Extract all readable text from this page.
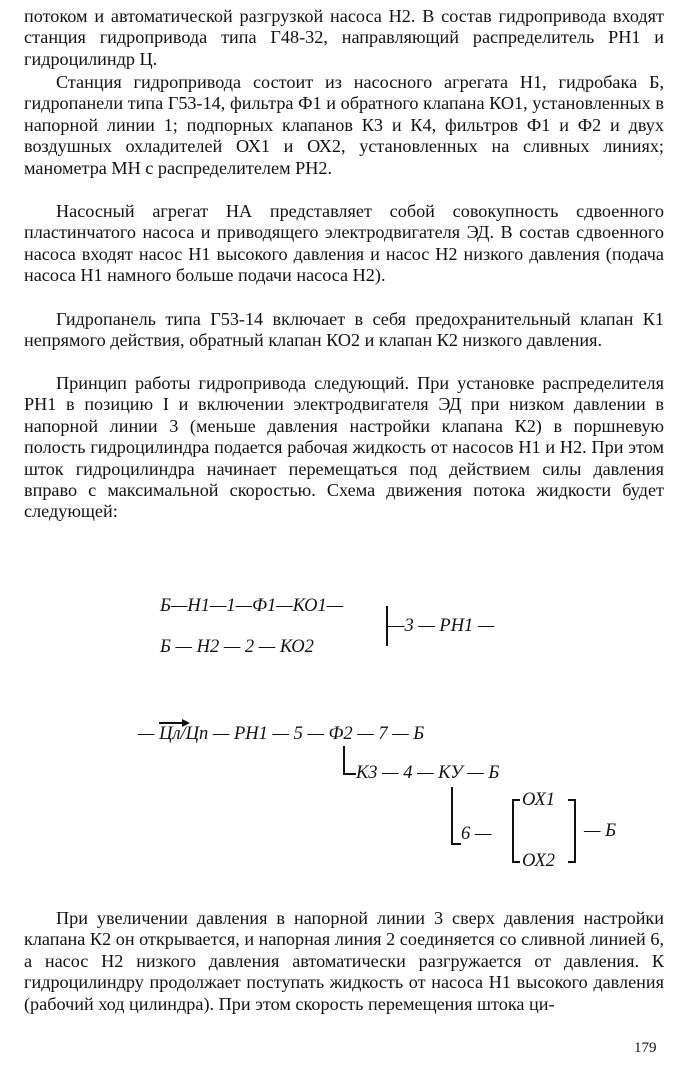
потоком и автоматической разгрузкой насоса Н2. В состав гидропривода входят станция гидропривода типа Г48-32, направляющий распределитель РН1 и гидроцилиндр Ц.

Станция гидропривода состоит из насосного агрегата Н1, гидробака Б, гидропанели типа Г53-14, фильтра Ф1 и обратного клапана КО1, установленных в напорной линии 1; подпорных клапанов К3 и К4, фильтров Ф1 и Ф2 и двух воздушных охладителей ОХ1 и ОХ2, установленных на сливных линиях; манометра МН с распределителем РН2.

Насосный агрегат НА представляет собой совокупность сдвоенного пластинчатого насоса и приводящего электродвигателя ЭД. В состав сдвоенного насоса входят насос Н1 высокого давления и насос Н2 низкого давления (подача насоса Н1 намного больше подачи насоса Н2).

Гидропанель типа Г53-14 включает в себя предохранительный клапан К1 непрямого действия, обратный клапан КО2 и клапан К2 низкого давления.

Принцип работы гидропривода следующий. При установке распределителя РН1 в позицию I и включении электродвигателя ЭД при низком давлении в напорной линии 3 (меньше давления настройки клапана К2) в поршневую полость гидроцилиндра подается рабочая жидкость от насосов Н1 и Н2. При этом шток гидроцилиндра начинает перемещаться под действием силы давления вправо с максимальной скоростью. Схема движения потока жидкости будет следующей:

Б—Н1—1—Ф1—КО1—
Б — Н2 — 2 — КО2
—3 — РН1 —
— Цл
/Цп — РН1 — 5 — Ф2 — 7 — Б
К3 — 4 — КУ — Б
6 —
ОХ1
ОХ2
— Б

При увеличении давления в напорной линии 3 сверх давления настройки клапана К2 он открывается, и напорная линия 2 соединяется со сливной линией 6, а насос Н2 низкого давления автоматически разгружается от давления. К гидроцилиндру продолжает поступать жидкость от насоса Н1 высокого давления (рабочий ход цилиндра). При этом скорость перемещения штока ци-

179
